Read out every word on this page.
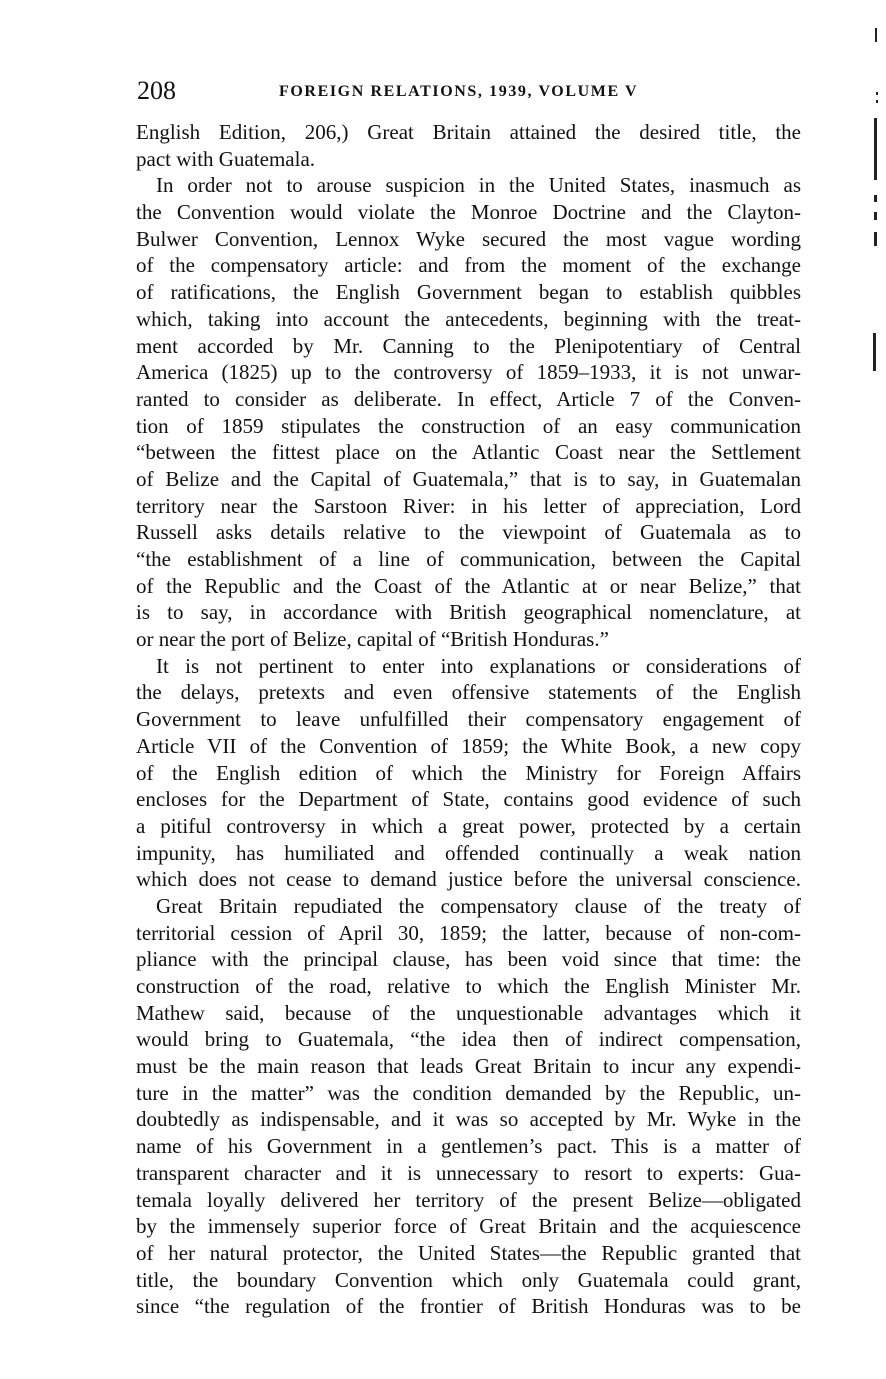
208	FOREIGN RELATIONS, 1939, VOLUME V
English Edition, 206,) Great Britain attained the desired title, the
pact with Guatemala.
In order not to arouse suspicion in the United States, inasmuch as
the Convention would violate the Monroe Doctrine and the Clayton-
Bulwer Convention, Lennox Wyke secured the most vague wording
of the compensatory article: and from the moment of the exchange
of ratifications, the English Government began to establish quibbles
which, taking into account the antecedents, beginning with the treat-
ment accorded by Mr. Canning to the Plenipotentiary of Central
America (1825) up to the controversy of 1859–1933, it is not unwar-
ranted to consider as deliberate. In effect, Article 7 of the Conven-
tion of 1859 stipulates the construction of an easy communication
“between the fittest place on the Atlantic Coast near the Settlement
of Belize and the Capital of Guatemala,” that is to say, in Guatemalan
territory near the Sarstoon River: in his letter of appreciation, Lord
Russell asks details relative to the viewpoint of Guatemala as to
“the establishment of a line of communication, between the Capital
of the Republic and the Coast of the Atlantic at or near Belize,” that
is to say, in accordance with British geographical nomenclature, at
or near the port of Belize, capital of “British Honduras.”
It is not pertinent to enter into explanations or considerations of
the delays, pretexts and even offensive statements of the English
Government to leave unfulfilled their compensatory engagement of
Article VII of the Convention of 1859; the White Book, a new copy
of the English edition of which the Ministry for Foreign Affairs
encloses for the Department of State, contains good evidence of such
a pitiful controversy in which a great power, protected by a certain
impunity, has humiliated and offended continually a weak nation
which does not cease to demand justice before the universal conscience.
Great Britain repudiated the compensatory clause of the treaty of
territorial cession of April 30, 1859; the latter, because of non-com-
pliance with the principal clause, has been void since that time: the
construction of the road, relative to which the English Minister Mr.
Mathew said, because of the unquestionable advantages which it
would bring to Guatemala, “the idea then of indirect compensation,
must be the main reason that leads Great Britain to incur any expendi-
ture in the matter” was the condition demanded by the Republic, un-
doubtedly as indispensable, and it was so accepted by Mr. Wyke in the
name of his Government in a gentlemen’s pact. This is a matter of
transparent character and it is unnecessary to resort to experts: Gua-
temala loyally delivered her territory of the present Belize—obligated
by the immensely superior force of Great Britain and the acquiescence
of her natural protector, the United States—the Republic granted that
title, the boundary Convention which only Guatemala could grant,
since “the regulation of the frontier of British Honduras was to be
